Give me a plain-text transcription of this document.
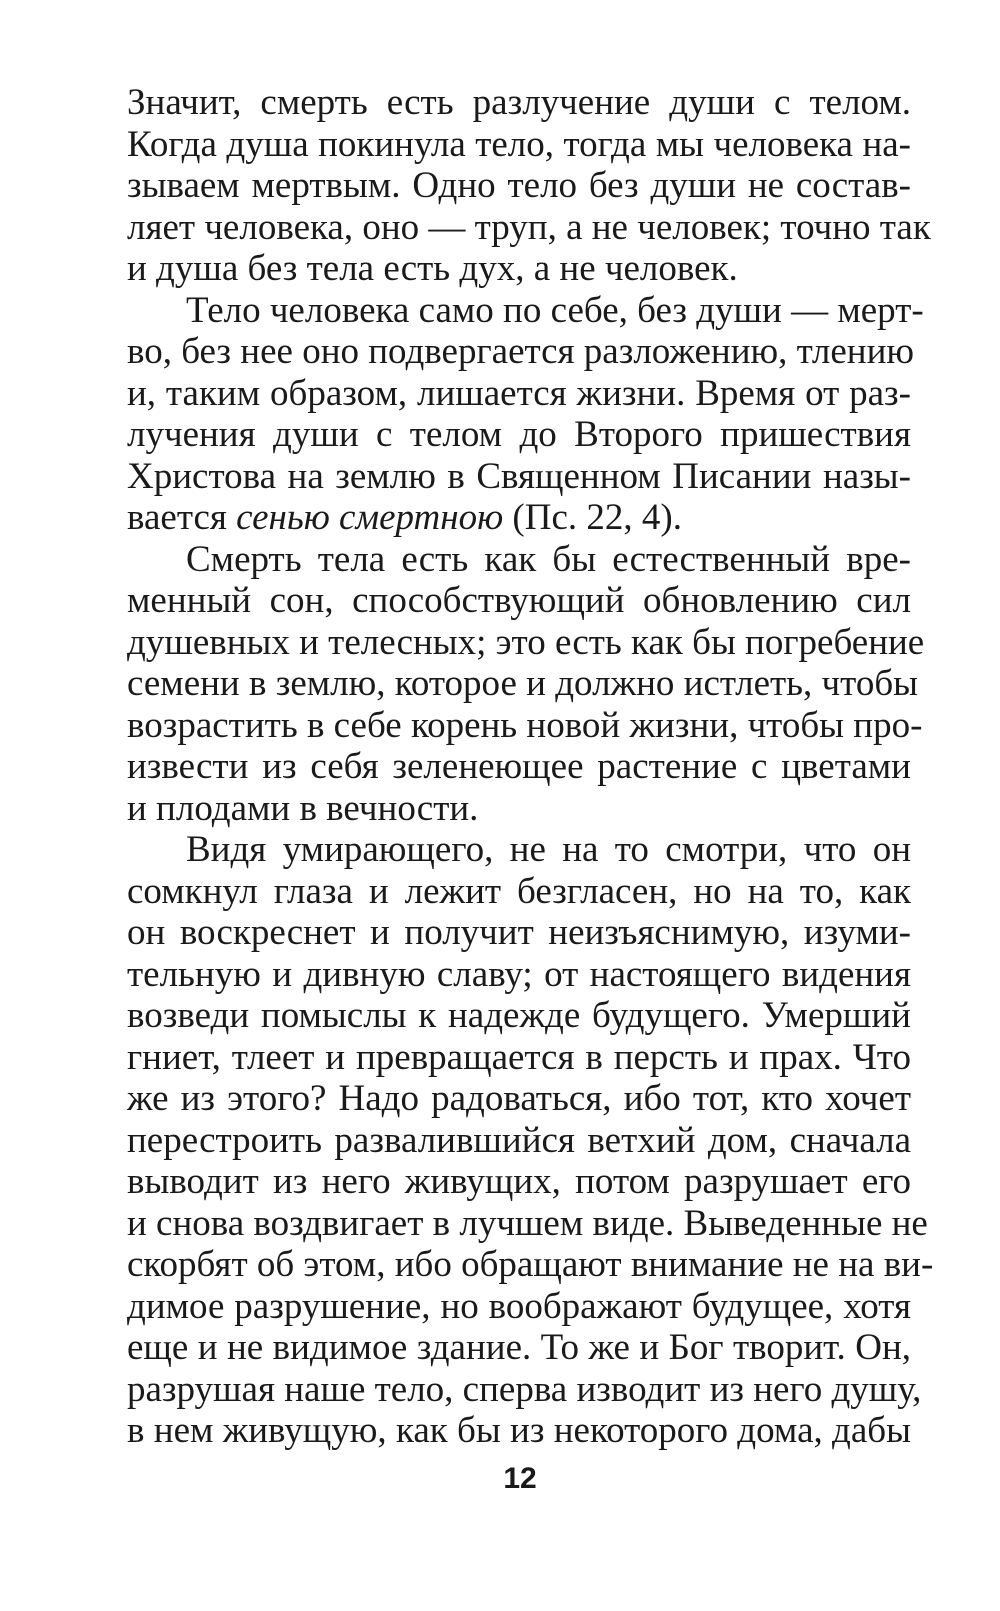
Значит, смерть есть разлучение души с телом.
Когда душа покинула тело, тогда мы человека на-
зываем мертвым. Одно тело без души не состав-
ляет человека, оно — труп, а не человек; точно так
и душа без тела есть дух, а не человек.
Тело человека само по себе, без души — мерт-
во, без нее оно подвергается разложению, тлению
и, таким образом, лишается жизни. Время от раз-
лучения души с телом до Второго пришествия
Христова на землю в Священном Писании назы-
вается сенью смертною (Пс. 22, 4).
Смерть тела есть как бы естественный вре-
менный сон, способствующий обновлению сил
душевных и телесных; это есть как бы погребение
семени в землю, которое и должно истлеть, чтобы
возрастить в себе корень новой жизни, чтобы про-
извести из себя зеленеющее растение с цветами
и плодами в вечности.
Видя умирающего, не на то смотри, что он
сомкнул глаза и лежит безгласен, но на то, как
он воскреснет и получит неизъяснимую, изуми-
тельную и дивную славу; от настоящего видения
возведи помыслы к надежде будущего. Умерший
гниет, тлеет и превращается в персть и прах. Что
же из этого? Надо радоваться, ибо тот, кто хочет
перестроить развалившийся ветхий дом, сначала
выводит из него живущих, потом разрушает его
и снова воздвигает в лучшем виде. Выведенные не
скорбят об этом, ибо обращают внимание не на ви-
димое разрушение, но воображают будущее, хотя
еще и не видимое здание. То же и Бог творит. Он,
разрушая наше тело, сперва изводит из него душу,
в нем живущую, как бы из некоторого дома, дабы
12
